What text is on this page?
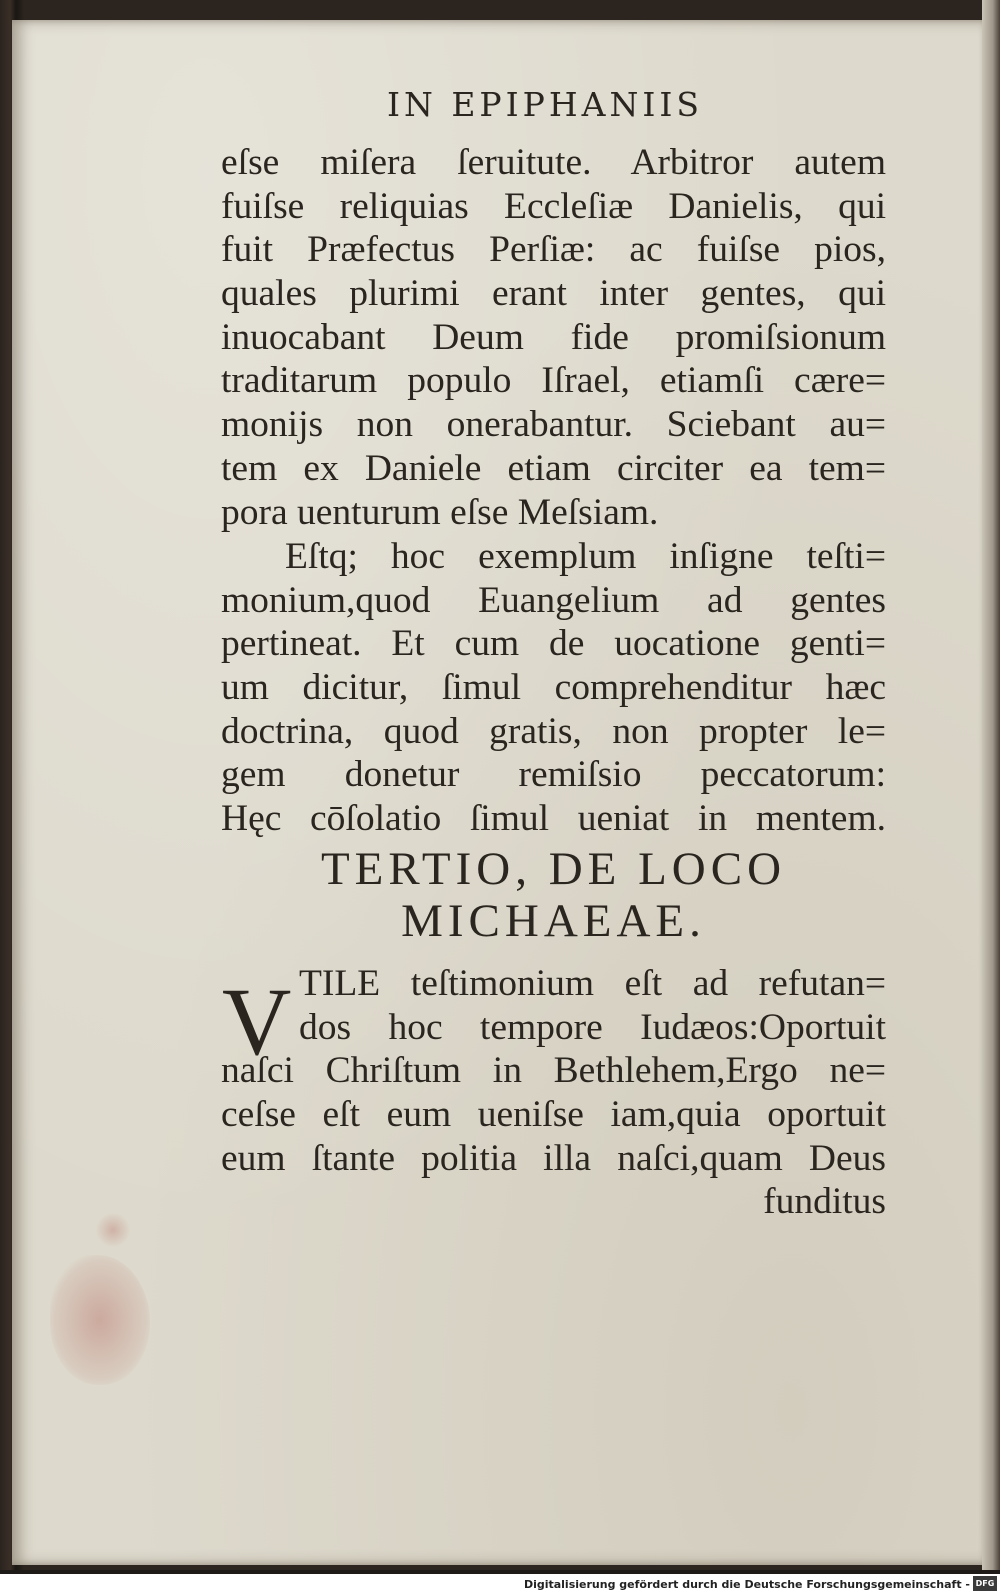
IN EPIPHANIIS
eſse miſera ſeruitute. Arbitror autem
fuiſse reliquias Eccleſiæ Danielis, qui
fuit Præfectus Perſiæ: ac fuiſse pios,
quales plurimi erant inter gentes, qui
inuocabant Deum fide promiſsionum
traditarum populo Iſrael, etiamſi cære=
monijs non onerabantur. Sciebant au=
tem ex Daniele etiam circiter ea tem=
pora uenturum eſse Meſsiam.
Eſtq; hoc exemplum inſigne teſti=
monium,quod Euangelium ad gentes
pertineat. Et cum de uocatione genti=
um dicitur, ſimul comprehenditur hæc
doctrina, quod gratis, non propter le=
gem donetur remiſsio peccatorum:
Hęc cōſolatio ſimul ueniat in mentem.
TERTIO, DE LOCO
MICHAEAE.
V TILE teſtimonium eſt ad refutan=
dos hoc tempore Iudæos:Oportuit
naſci Chriſtum in Bethlehem,Ergo ne=
ceſse eſt eum ueniſse iam,quia oportuit
eum ſtante politia illa naſci,quam Deus
funditus
Digitalisierung gefördert durch die Deutsche Forschungsgemeinschaft - DFG
